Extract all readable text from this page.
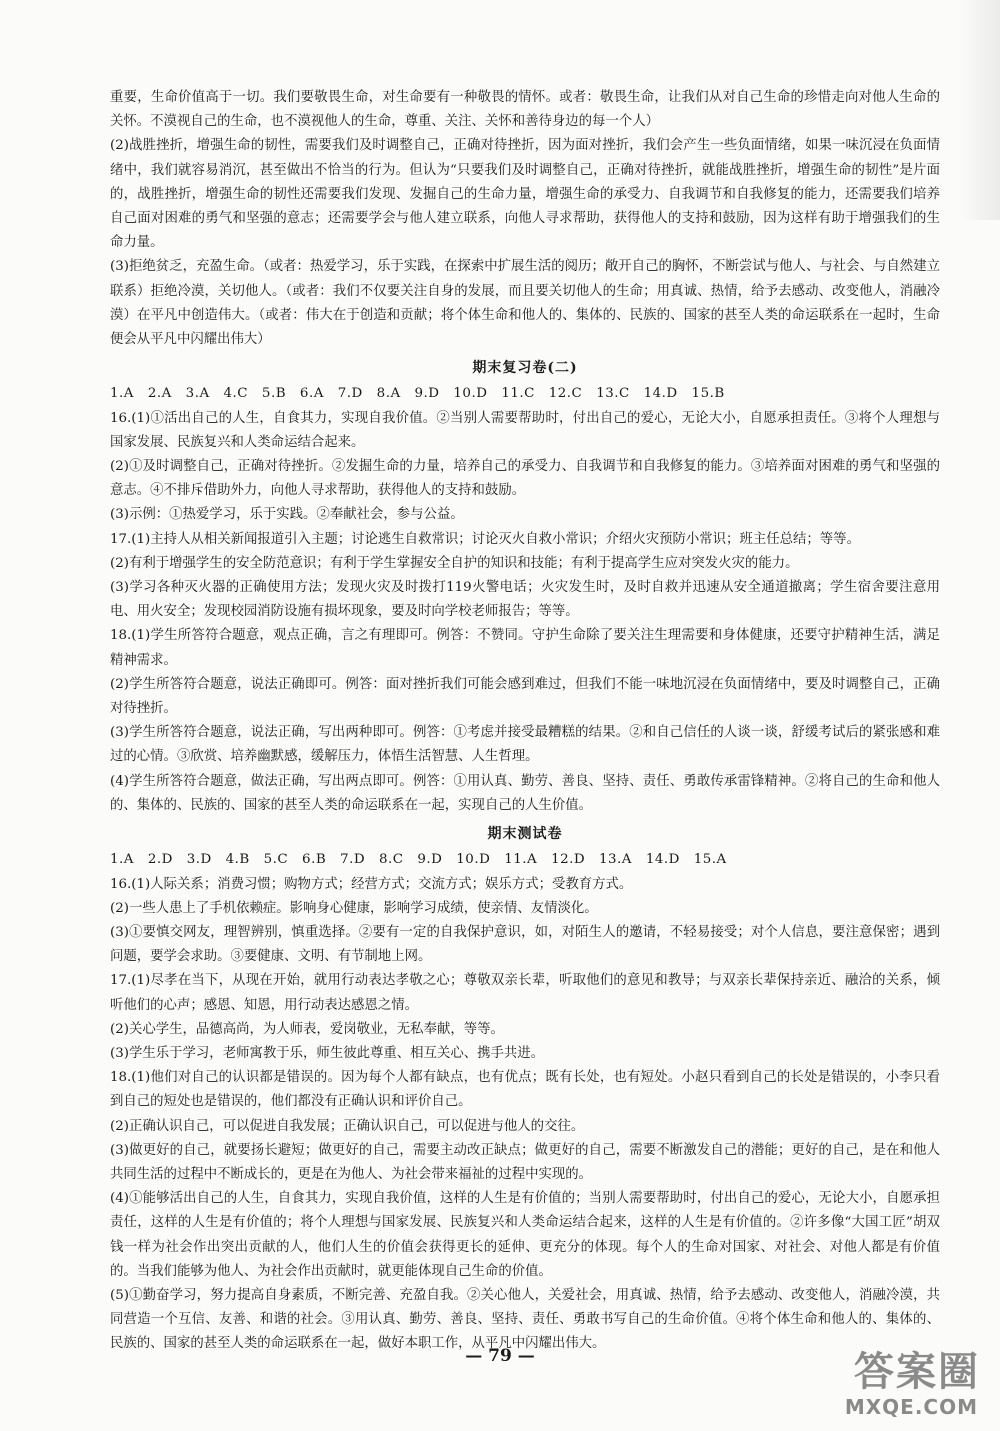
重要，生命价值高于一切。我们要敬畏生命，对生命要有一种敬畏的情怀。或者：敬畏生命，让我们从对自己生命的珍惜走向对他人生命的关怀。不漠视自己的生命，也不漠视他人的生命，尊重、关注、关怀和善待身边的每一个人）

(2)战胜挫折，增强生命的韧性，需要我们及时调整自己，正确对待挫折，因为面对挫折，我们会产生一些负面情绪，如果一味沉浸在负面情绪中，我们就容易消沉，甚至做出不恰当的行为。但认为“只要我们及时调整自己，正确对待挫折，就能战胜挫折，增强生命的韧性”是片面的，战胜挫折，增强生命的韧性还需要我们发现、发掘自己的生命力量，增强生命的承受力、自我调节和自我修复的能力，还需要我们培养自己面对困难的勇气和坚强的意志；还需要学会与他人建立联系，向他人寻求帮助，获得他人的支持和鼓励，因为这样有助于增强我们的生命力量。

(3)拒绝贫乏，充盈生命。（或者：热爱学习，乐于实践，在探索中扩展生活的阅历；敞开自己的胸怀，不断尝试与他人、与社会、与自然建立联系）拒绝冷漠，关切他人。（或者：我们不仅要关注自身的发展，而且要关切他人的生命；用真诚、热情，给予去感动、改变他人，消融冷漠）在平凡中创造伟大。（或者：伟大在于创造和贡献；将个体生命和他人的、集体的、民族的、国家的甚至人类的命运联系在一起时，生命便会从平凡中闪耀出伟大）

期末复习卷(二)

1.A　2.A　3.A　4.C　5.B　6.A　7.D　8.A　9.D　10.D　11.C　12.C　13.C　14.D　15.B

16.(1)①活出自己的人生，自食其力，实现自我价值。②当别人需要帮助时，付出自己的爱心，无论大小，自愿承担责任。③将个人理想与国家发展、民族复兴和人类命运结合起来。

(2)①及时调整自己，正确对待挫折。②发掘生命的力量，培养自己的承受力、自我调节和自我修复的能力。③培养面对困难的勇气和坚强的意志。④不排斥借助外力，向他人寻求帮助，获得他人的支持和鼓励。

(3)示例：①热爱学习，乐于实践。②奉献社会，参与公益。

17.(1)主持人从相关新闻报道引入主题；讨论逃生自救常识；讨论灭火自救小常识；介绍火灾预防小常识；班主任总结；等等。

(2)有利于增强学生的安全防范意识；有利于学生掌握安全自护的知识和技能；有利于提高学生应对突发火灾的能力。

(3)学习各种灭火器的正确使用方法；发现火灾及时拨打119火警电话；火灾发生时，及时自救并迅速从安全通道撤离；学生宿舍要注意用电、用火安全；发现校园消防设施有损坏现象，要及时向学校老师报告；等等。

18.(1)学生所答符合题意，观点正确，言之有理即可。例答：不赞同。守护生命除了要关注生理需要和身体健康，还要守护精神生活，满足精神需求。

(2)学生所答符合题意，说法正确即可。例答：面对挫折我们可能会感到难过，但我们不能一味地沉浸在负面情绪中，要及时调整自己，正确对待挫折。

(3)学生所答符合题意，说法正确，写出两种即可。例答：①考虑并接受最糟糕的结果。②和自己信任的人谈一谈，舒缓考试后的紧张感和难过的心情。③欣赏、培养幽默感，缓解压力，体悟生活智慧、人生哲理。

(4)学生所答符合题意，做法正确，写出两点即可。例答：①用认真、勤劳、善良、坚持、责任、勇敢传承雷锋精神。②将自己的生命和他人的、集体的、民族的、国家的甚至人类的命运联系在一起，实现自己的人生价值。

期末测试卷

1.A　2.D　3.D　4.B　5.C　6.B　7.D　8.C　9.D　10.D　11.A　12.D　13.A　14.D　15.A

16.(1)人际关系；消费习惯；购物方式；经营方式；交流方式；娱乐方式；受教育方式。

(2)一些人患上了手机依赖症。影响身心健康，影响学习成绩，使亲情、友情淡化。

(3)①要慎交网友，理智辨别，慎重选择。②要有一定的自我保护意识，如，对陌生人的邀请，不轻易接受；对个人信息，要注意保密；遇到问题，要学会求助。③要健康、文明、有节制地上网。

17.(1)尽孝在当下，从现在开始，就用行动表达孝敬之心；尊敬双亲长辈，听取他们的意见和教导；与双亲长辈保持亲近、融洽的关系，倾听他们的心声；感恩、知恩，用行动表达感恩之情。

(2)关心学生，品德高尚，为人师表，爱岗敬业，无私奉献，等等。

(3)学生乐于学习，老师寓教于乐，师生彼此尊重、相互关心、携手共进。

18.(1)他们对自己的认识都是错误的。因为每个人都有缺点，也有优点；既有长处，也有短处。小赵只看到自己的长处是错误的，小李只看到自己的短处也是错误的，他们都没有正确认识和评价自己。

(2)正确认识自己，可以促进自我发展；正确认识自己，可以促进与他人的交往。

(3)做更好的自己，就要扬长避短；做更好的自己，需要主动改正缺点；做更好的自己，需要不断激发自己的潜能；更好的自己，是在和他人共同生活的过程中不断成长的，更是在为他人、为社会带来福祉的过程中实现的。

(4)①能够活出自己的人生，自食其力，实现自我价值，这样的人生是有价值的；当别人需要帮助时，付出自己的爱心，无论大小，自愿承担责任，这样的人生是有价值的；将个人理想与国家发展、民族复兴和人类命运结合起来，这样的人生是有价值的。②许多像“大国工匠”胡双钱一样为社会作出突出贡献的人，他们人生的价值会获得更长的延伸、更充分的体现。每个人的生命对国家、对社会、对他人都是有价值的。当我们能够为他人、为社会作出贡献时，就更能体现自己生命的价值。

(5)①勤奋学习，努力提高自身素质，不断完善、充盈自我。②关心他人，关爱社会，用真诚、热情，给予去感动、改变他人，消融冷漠，共同营造一个互信、友善、和谐的社会。③用认真、勤劳、善良、坚持、责任、勇敢书写自己的生命价值。④将个体生命和他人的、集体的、民族的、国家的甚至人类的命运联系在一起，做好本职工作，从平凡中闪耀出伟大。

— 79 —	答案圈
MXQE.COM
